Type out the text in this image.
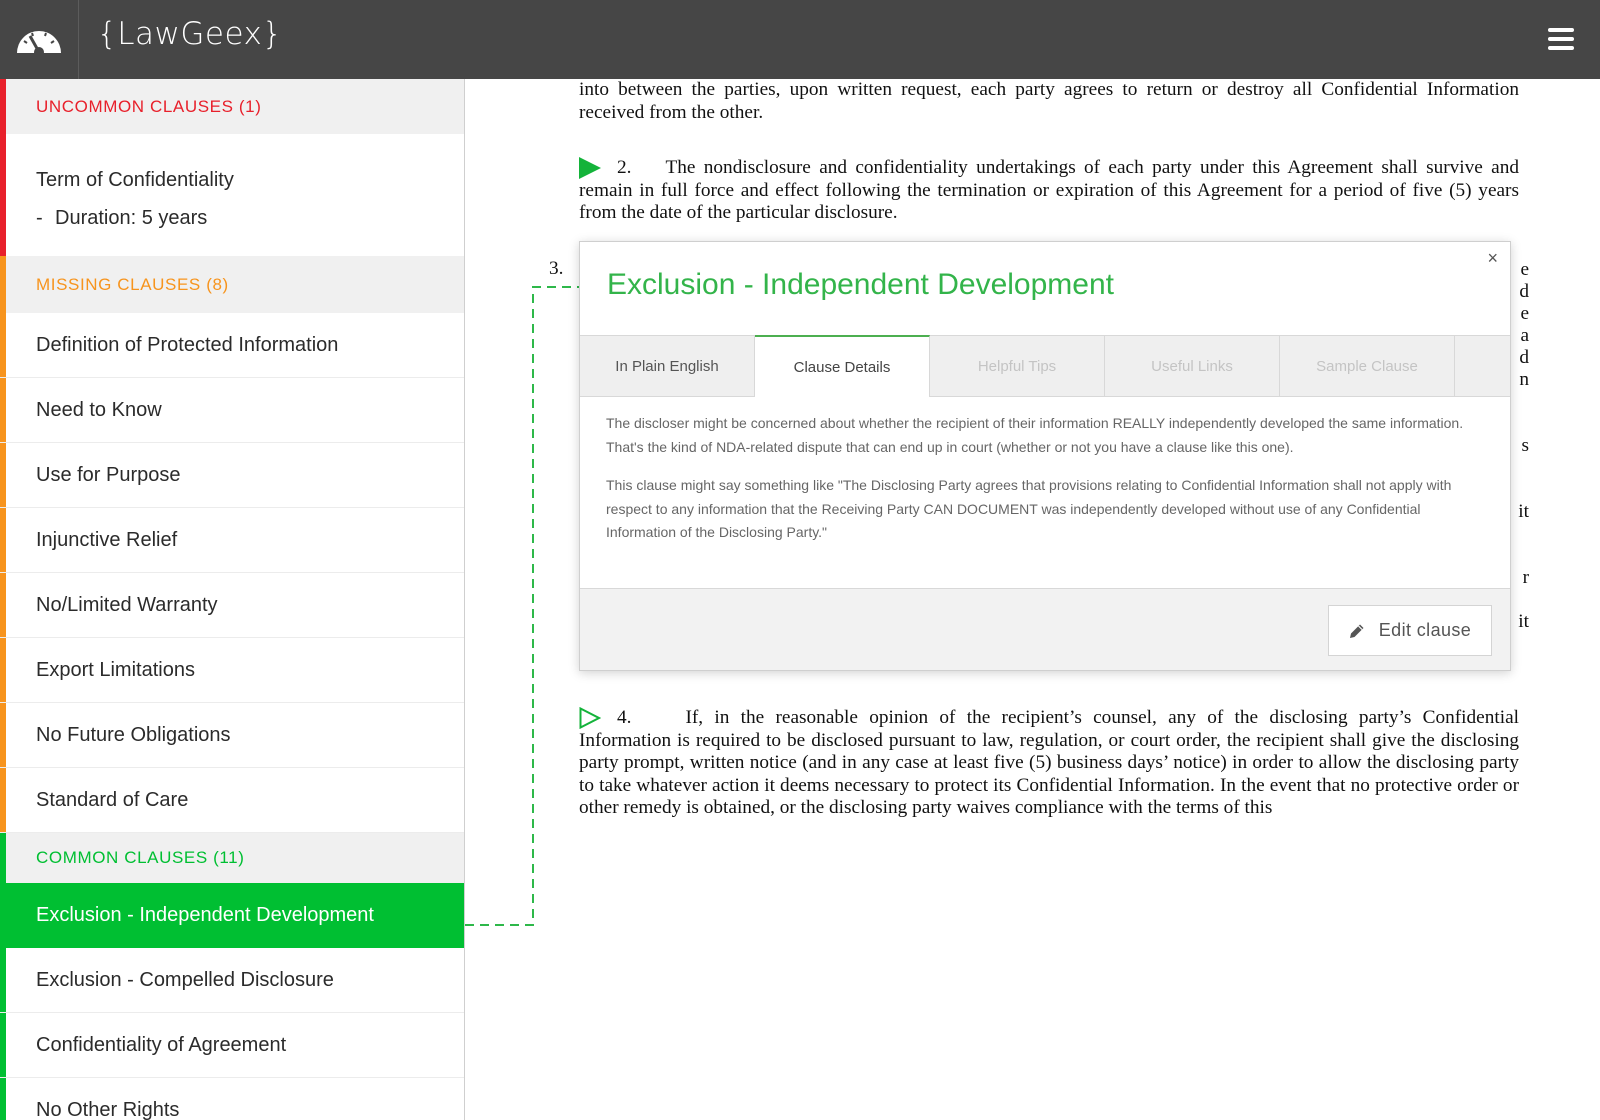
{LawGeex}
UNCOMMON CLAUSES (1)
Term of Confidentiality
- Duration: 5 years
MISSING CLAUSES (8)
Definition of Protected Information
Need to Know
Use for Purpose
Injunctive Relief
No/Limited Warranty
Export Limitations
No Future Obligations
Standard of Care
COMMON CLAUSES (11)
Exclusion - Independent Development
Exclusion - Compelled Disclosure
Confidentiality of Agreement
No Other Rights
into between the parties, upon written request, each party agrees to return or destroy all Confidential Information
received from the other.
2. The nondisclosure and confidentiality undertakings of each party under this Agreement shall survive and remain in full force and effect following the termination or expiration of this Agreement for a period of five (5) years from the date of the particular disclosure.
3.	e
d
e
a
d
n
s
it
r
it
4.	If, in the reasonable opinion of the recipient’s counsel, any of the disclosing party’s Confidential Information is required to be disclosed pursuant to law, regulation, or court order, the recipient shall give the disclosing party prompt, written notice (and in any case at least five (5) business days’ notice) in order to allow the disclosing party to take whatever action it deems necessary to protect its Confidential Information. In the event that no protective order or other remedy is obtained, or the disclosing party waives compliance with the terms of this
Exclusion - Independent Development
×
In Plain English	Clause Details	Helpful Tips	Useful Links	Sample Clause

The discloser might be concerned about whether the recipient of their information REALLY independently developed the same information. That's the kind of NDA-related dispute that can end up in court (whether or not you have a clause like this one).

This clause might say something like "The Disclosing Party agrees that provisions relating to Confidential Information shall not apply with respect to any information that the Receiving Party CAN DOCUMENT was independently developed without use of any Confidential Information of the Disclosing Party."

Edit clause
